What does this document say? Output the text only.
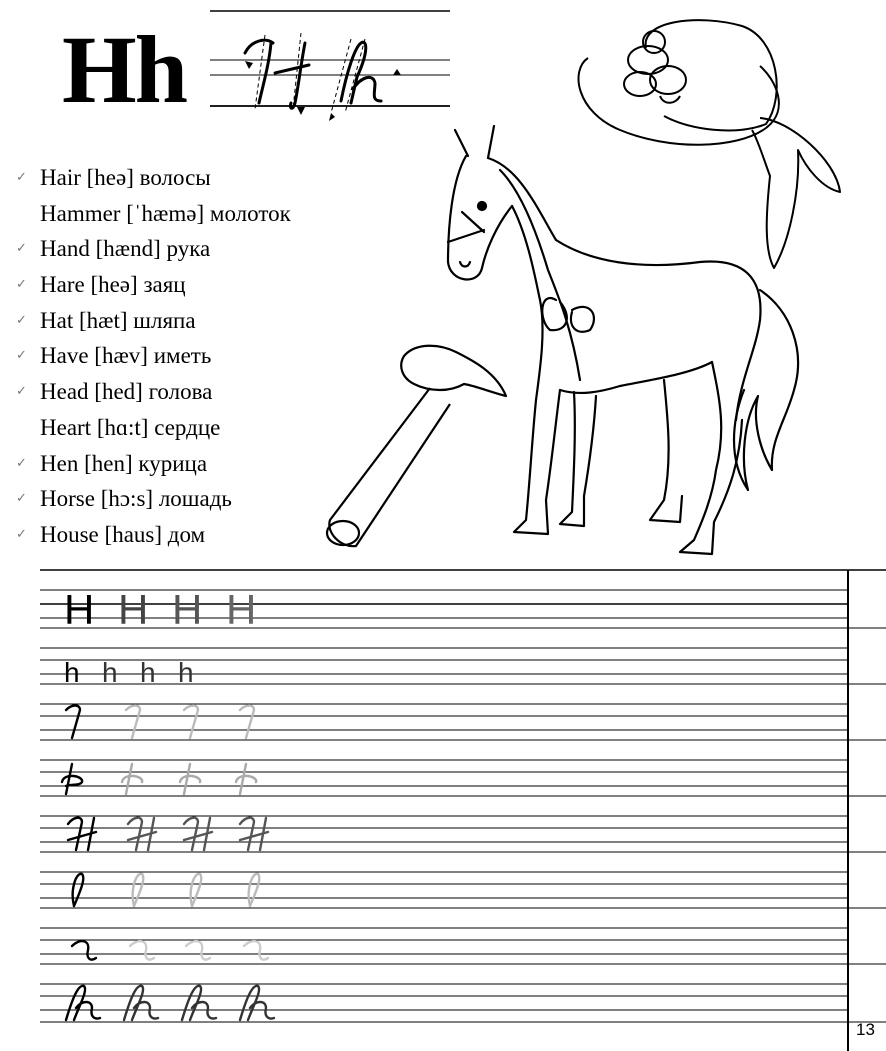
Hh
✓ Hair [heə] волосы
Hammer [ˈhæmə] молоток
✓ Hand [hænd] рука
✓ Hare [heə] заяц
✓ Hat [hæt] шляпа
✓ Have [hæv] иметь
✓ Head [hed] голова
Heart [hɑ:t] сердце
✓ Hen [hen] курица
✓ Horse [hɔ:s] лошадь
✓ House [haus] дом
H H H H
h h h h
13
